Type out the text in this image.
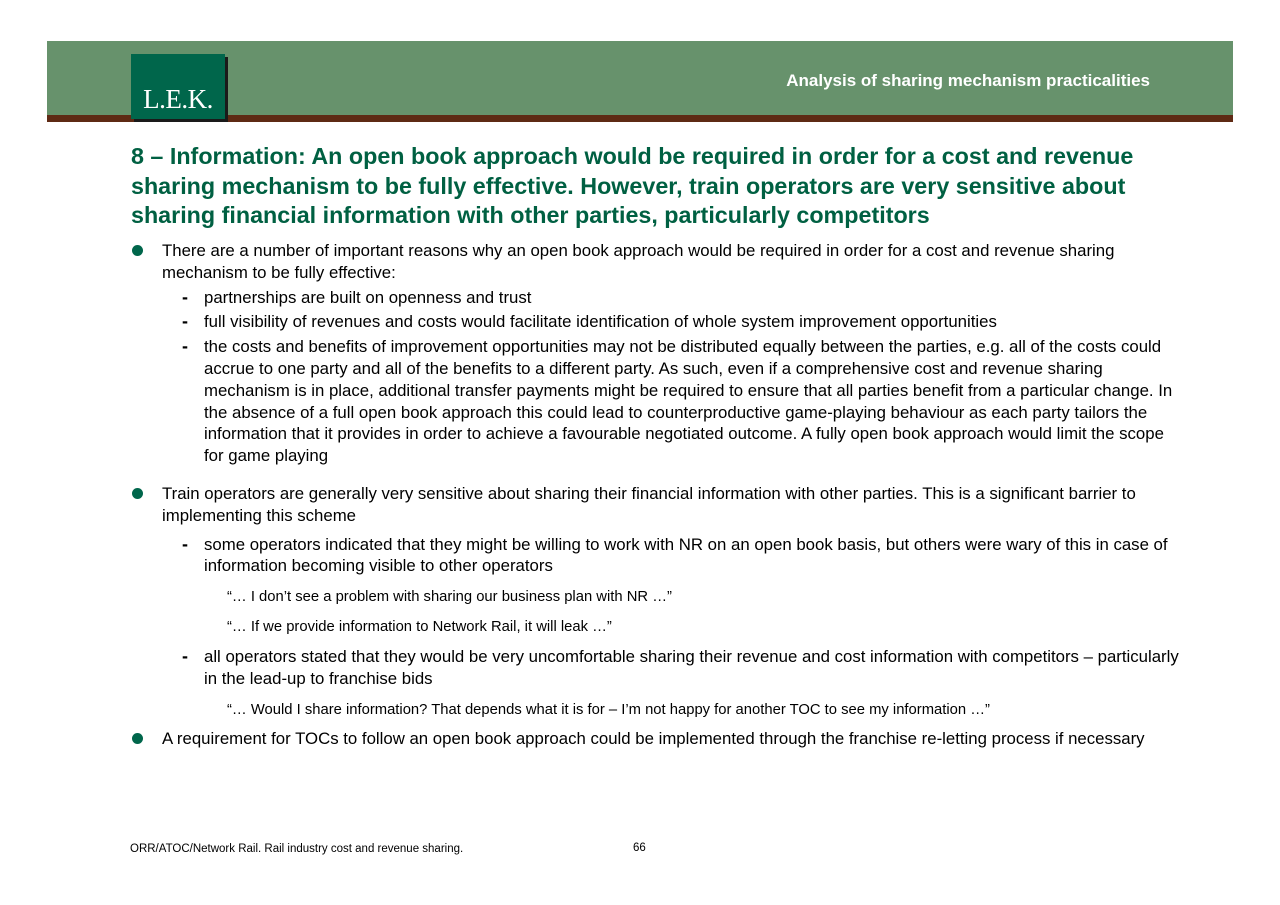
L.E.K.
Analysis of sharing mechanism practicalities
8 – Information: An open book approach would be required in order for a cost and revenue sharing mechanism to be fully effective. However, train operators are very sensitive about sharing financial information with other parties, particularly competitors
There are a number of important reasons why an open book approach would be required in order for a cost and revenue sharing mechanism to be fully effective:
- partnerships are built on openness and trust
- full visibility of revenues and costs would facilitate identification of whole system improvement opportunities
- the costs and benefits of improvement opportunities may not be distributed equally between the parties, e.g. all of the costs could accrue to one party and all of the benefits to a different party. As such, even if a comprehensive cost and revenue sharing mechanism is in place, additional transfer payments might be required to ensure that all parties benefit from a particular change. In the absence of a full open book approach this could lead to counterproductive game-playing behaviour as each party tailors the information that it provides in order to achieve a favourable negotiated outcome. A fully open book approach would limit the scope for game playing
Train operators are generally very sensitive about sharing their financial information with other parties. This is a significant barrier to implementing this scheme
- some operators indicated that they might be willing to work with NR on an open book basis, but others were wary of this in case of information becoming visible to other operators
“… I don’t see a problem with sharing our business plan with NR …”
“… If we provide information to Network Rail, it will leak …”
- all operators stated that they would be very uncomfortable sharing their revenue and cost information with competitors – particularly in the lead-up to franchise bids
“… Would I share information? That depends what it is for – I’m not happy for another TOC to see my information …”
A requirement for TOCs to follow an open book approach could be implemented through the franchise re-letting process if necessary
ORR/ATOC/Network Rail. Rail industry cost and revenue sharing.	66
